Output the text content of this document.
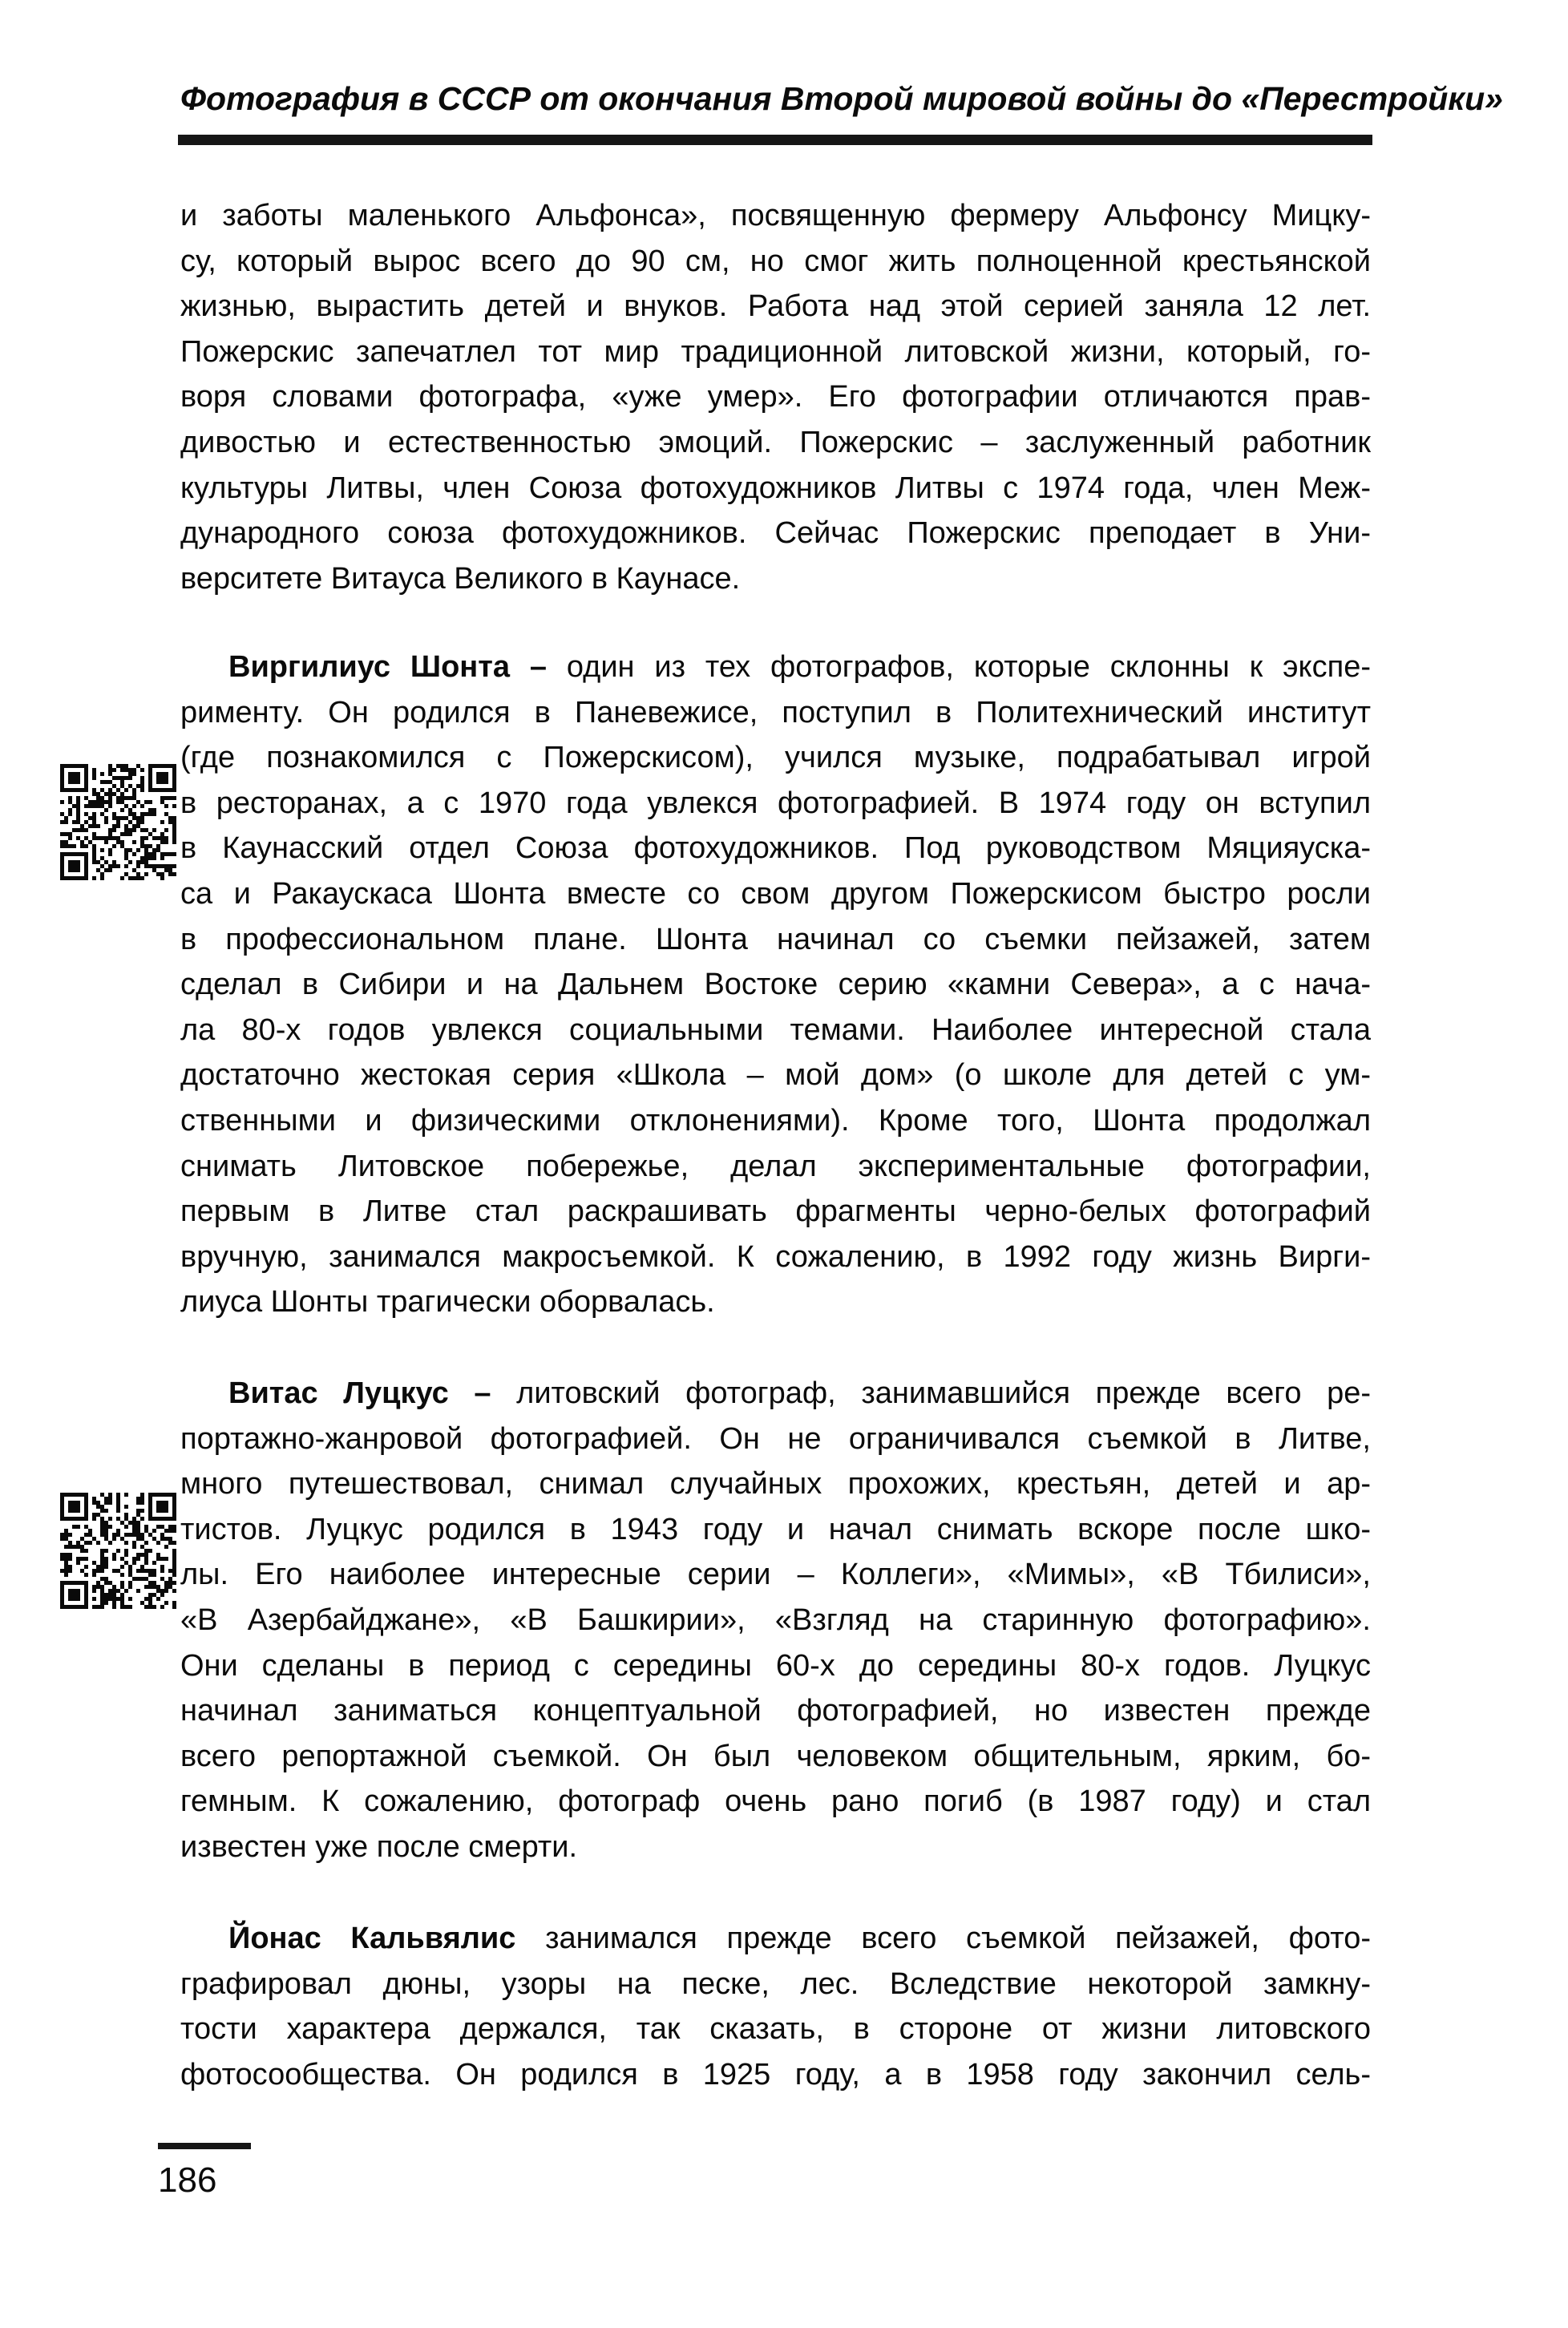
Фотография в СССР от окончания Второй мировой войны до «Перестройки»
и заботы маленького Альфонса», посвященную фермеру Альфонсу Мицку-
су, который вырос всего до 90 см, но смог жить полноценной крестьянской
жизнью, вырастить детей и внуков. Работа над этой серией заняла 12 лет.
Пожерскис запечатлел тот мир традиционной литовской жизни, который, го-
воря словами фотографа, «уже умер». Его фотографии отличаются прав-
дивостью и естественностью эмоций. Пожерскис – заслуженный работник
культуры Литвы, член Союза фотохудожников Литвы с 1974 года, член Меж-
дународного союза фотохудожников. Сейчас Пожерскис преподает в Уни-
верситете Витауса Великого в Каунасе.
Виргилиус Шонта – один из тех фотографов, которые склонны к экспе-
рименту. Он родился в Паневежисе, поступил в Политехнический институт
(где познакомился с Пожерскисом), учился музыке, подрабатывал игрой
в ресторанах, а с 1970 года увлекся фотографией. В 1974 году он вступил
в Каунасский отдел Союза фотохудожников. Под руководством Мяцияуска-
са и Ракаускаса Шонта вместе со свом другом Пожерскисом быстро росли
в профессиональном плане. Шонта начинал со съемки пейзажей, затем
сделал в Сибири и на Дальнем Востоке серию «камни Севера», а с нача-
ла 80-х годов увлекся социальными темами. Наиболее интересной стала
достаточно жестокая серия «Школа – мой дом» (о школе для детей с ум-
ственными и физическими отклонениями). Кроме того, Шонта продолжал
снимать Литовское побережье, делал экспериментальные фотографии,
первым в Литве стал раскрашивать фрагменты черно-белых фотографий
вручную, занимался макросъемкой. К сожалению, в 1992 году жизнь Вирги-
лиуса Шонты трагически оборвалась.
Витас Луцкус – литовский фотограф, занимавшийся прежде всего ре-
портажно-жанровой фотографией. Он не ограничивался съемкой в Литве,
много путешествовал, снимал случайных прохожих, крестьян, детей и ар-
тистов. Луцкус родился в 1943 году и начал снимать вскоре после шко-
лы. Его наиболее интересные серии – Коллеги», «Мимы», «В Тбилиси»,
«В Азербайджане», «В Башкирии», «Взгляд на старинную фотографию».
Они сделаны в период с середины 60-х до середины 80-х годов. Луцкус
начинал заниматься концептуальной фотографией, но известен прежде
всего репортажной съемкой. Он был человеком общительным, ярким, бо-
гемным. К сожалению, фотограф очень рано погиб (в 1987 году) и стал
известен уже после смерти.
Йонас Кальвялис занимался прежде всего съемкой пейзажей, фото-
графировал дюны, узоры на песке, лес. Вследствие некоторой замкну-
тости характера держался, так сказать, в стороне от жизни литовского
фотосообщества. Он родился в 1925 году, а в 1958 году закончил сель-
186
